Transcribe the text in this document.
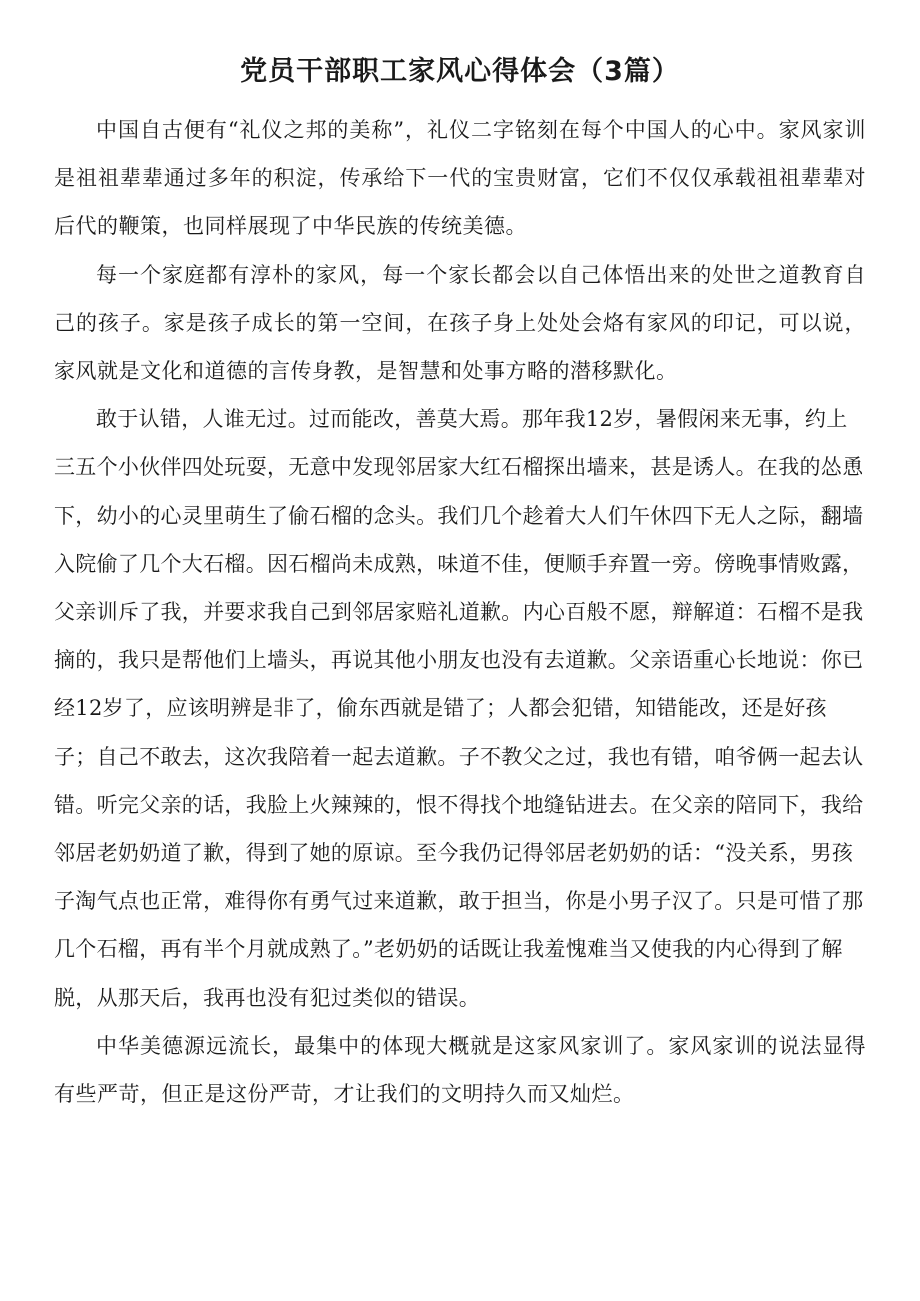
党员干部职工家风心得体会（3篇）

中国自古便有“礼仪之邦的美称”，礼仪二字铭刻在每个中国人的心中。家风家训是祖祖辈辈通过多年的积淀，传承给下一代的宝贵财富，它们不仅仅承载祖祖辈辈对后代的鞭策，也同样展现了中华民族的传统美德。

每一个家庭都有淳朴的家风，每一个家长都会以自己体悟出来的处世之道教育自己的孩子。家是孩子成长的第一空间，在孩子身上处处会烙有家风的印记，可以说，家风就是文化和道德的言传身教，是智慧和处事方略的潜移默化。

敢于认错，人谁无过。过而能改，善莫大焉。那年我12岁，暑假闲来无事，约上三五个小伙伴四处玩耍，无意中发现邻居家大红石榴探出墙来，甚是诱人。在我的怂恿下，幼小的心灵里萌生了偷石榴的念头。我们几个趁着大人们午休四下无人之际，翻墙入院偷了几个大石榴。因石榴尚未成熟，味道不佳，便顺手弃置一旁。傍晚事情败露，父亲训斥了我，并要求我自己到邻居家赔礼道歉。内心百般不愿，辩解道：石榴不是我摘的，我只是帮他们上墙头，再说其他小朋友也没有去道歉。父亲语重心长地说：你已经12岁了，应该明辨是非了，偷东西就是错了；人都会犯错，知错能改，还是好孩子；自己不敢去，这次我陪着一起去道歉。子不教父之过，我也有错，咱爷俩一起去认错。听完父亲的话，我脸上火辣辣的，恨不得找个地缝钻进去。在父亲的陪同下，我给邻居老奶奶道了歉，得到了她的原谅。至今我仍记得邻居老奶奶的话：“没关系，男孩子淘气点也正常，难得你有勇气过来道歉，敢于担当，你是小男子汉了。只是可惜了那几个石榴，再有半个月就成熟了。”老奶奶的话既让我羞愧难当又使我的内心得到了解脱，从那天后，我再也没有犯过类似的错误。

中华美德源远流长，最集中的体现大概就是这家风家训了。家风家训的说法显得有些严苛，但正是这份严苛，才让我们的文明持久而又灿烂。
